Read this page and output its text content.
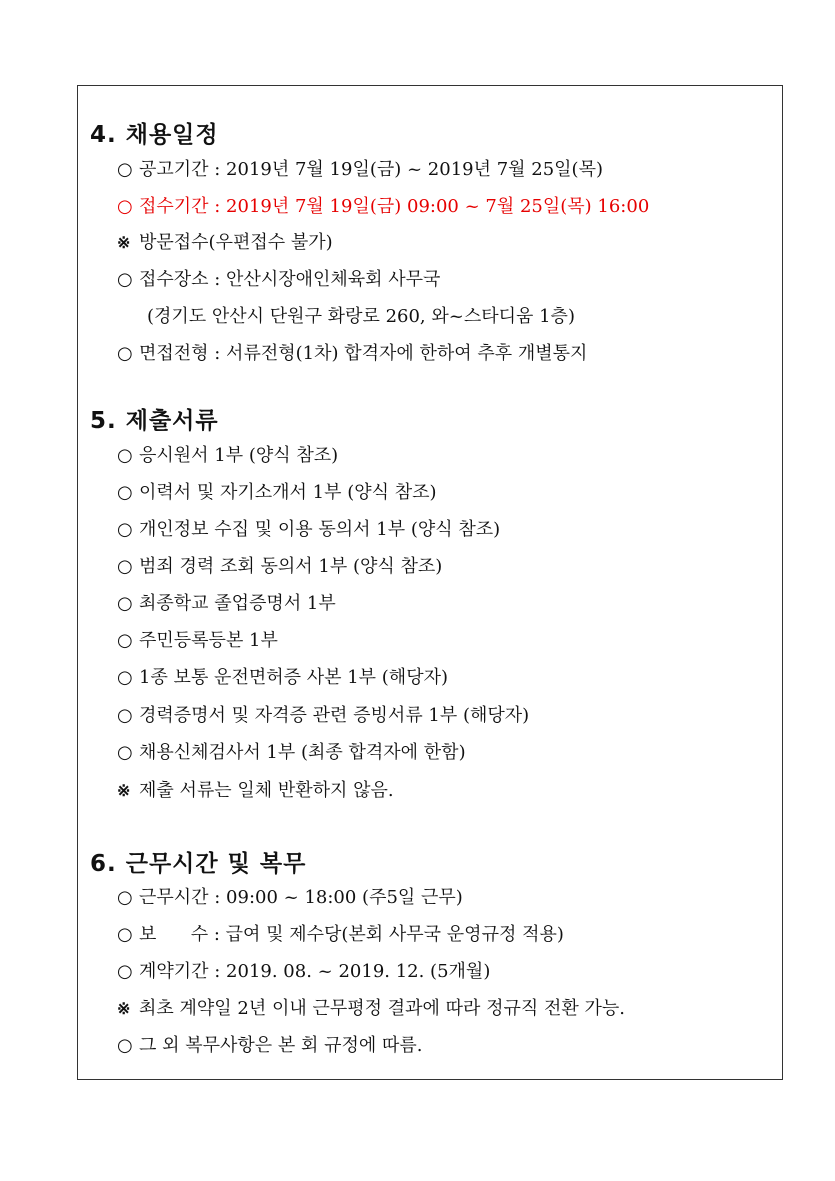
4. 채용일정
○ 공고기간 : 2019년 7월 19일(금) ~ 2019년 7월 25일(목)
○ 접수기간 : 2019년 7월 19일(금) 09:00 ~ 7월 25일(목) 16:00
※ 방문접수(우편접수 불가)
○ 접수장소 : 안산시장애인체육회 사무국
(경기도 안산시 단원구 화랑로 260, 와~스타디움 1층)
○ 면접전형 : 서류전형(1차) 합격자에 한하여 추후 개별통지
5. 제출서류
○ 응시원서 1부 (양식 참조)
○ 이력서 및 자기소개서 1부 (양식 참조)
○ 개인정보 수집 및 이용 동의서 1부 (양식 참조)
○ 범죄 경력 조회 동의서 1부 (양식 참조)
○ 최종학교 졸업증명서 1부
○ 주민등록등본 1부
○ 1종 보통 운전면허증 사본 1부 (해당자)
○ 경력증명서 및 자격증 관련 증빙서류 1부 (해당자)
○ 채용신체검사서 1부 (최종 합격자에 한함)
※ 제출 서류는 일체 반환하지 않음.
6. 근무시간 및 복무
○ 근무시간 : 09:00 ~ 18:00 (주5일 근무)
○ 보      수 : 급여 및 제수당(본회 사무국 운영규정 적용)
○ 계약기간 : 2019. 08. ~ 2019. 12. (5개월)
※ 최초 계약일 2년 이내 근무평정 결과에 따라 정규직 전환 가능.
○ 그 외 복무사항은 본 회 규정에 따름.
